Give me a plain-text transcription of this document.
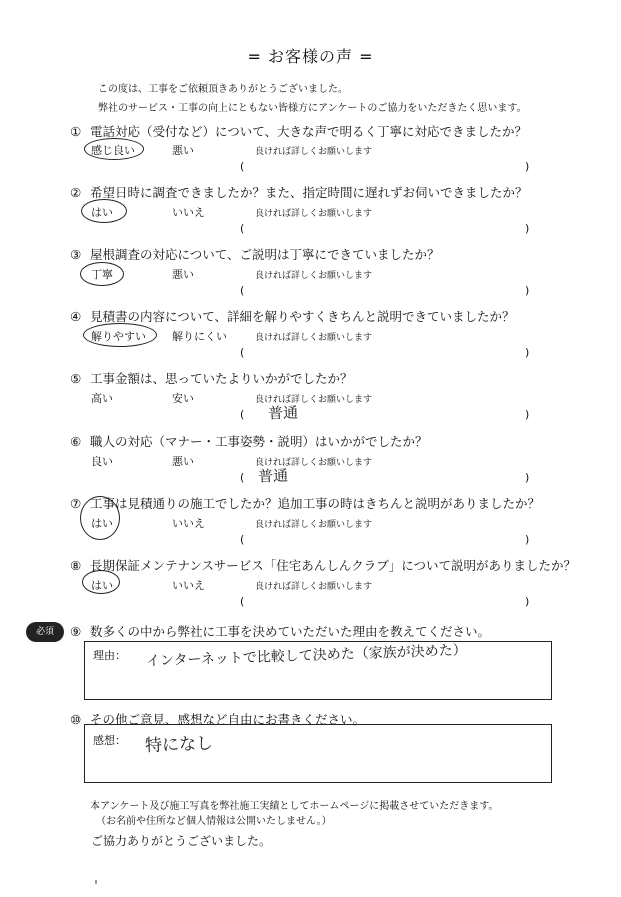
= お客様の声 =
この度は、工事をご依頼頂きありがとうございました。
弊社のサービス・工事の向上にともない皆様方にアンケートのご協力をいただきたく思います。
① 電話対応（受付など）について、大きな声で明るく丁寧に対応できましたか？
感じ良い	悪い	良ければ詳しくお願いします
(	)
② 希望日時に調査できましたか？また、指定時間に遅れずお伺いできましたか？
はい	いいえ	良ければ詳しくお願いします
(	)
③ 屋根調査の対応について、ご説明は丁寧にできていましたか？
丁寧	悪い	良ければ詳しくお願いします
(	)
④ 見積書の内容について、詳細を解りやすくきちんと説明できていましたか？
解りやすい 解りにくい	良ければ詳しくお願いします
(	)
⑤ 工事金額は、思っていたよりいかがでしたか？
高い	安い	良ければ詳しくお願いします
(	)
普通
⑥ 職人の対応（マナー・工事姿勢・説明）はいかがでしたか？
良い	悪い	良ければ詳しくお願いします
(	)
普通
⑦ 工事は見積通りの施工でしたか？追加工事の時はきちんと説明がありましたか？
はい	いいえ	良ければ詳しくお願いします
(	)
⑧ 長期保証メンテナンスサービス「住宅あんしんクラブ」について説明がありましたか？
はい	いいえ	良ければ詳しくお願いします
(	)
必須	⑨ 数多くの中から弊社に工事を決めていただいた理由を教えてください。
理由： インターネットで比較して決めた（家族が決めた）
⑩ その他ご意見、感想など自由にお書きください。
感想： 特になし
本アンケート及び施工写真を弊社施工実績としてホームページに掲載させていただきます。
（お名前や住所など個人情報は公開いたしません。）
ご協力ありがとうございました。
